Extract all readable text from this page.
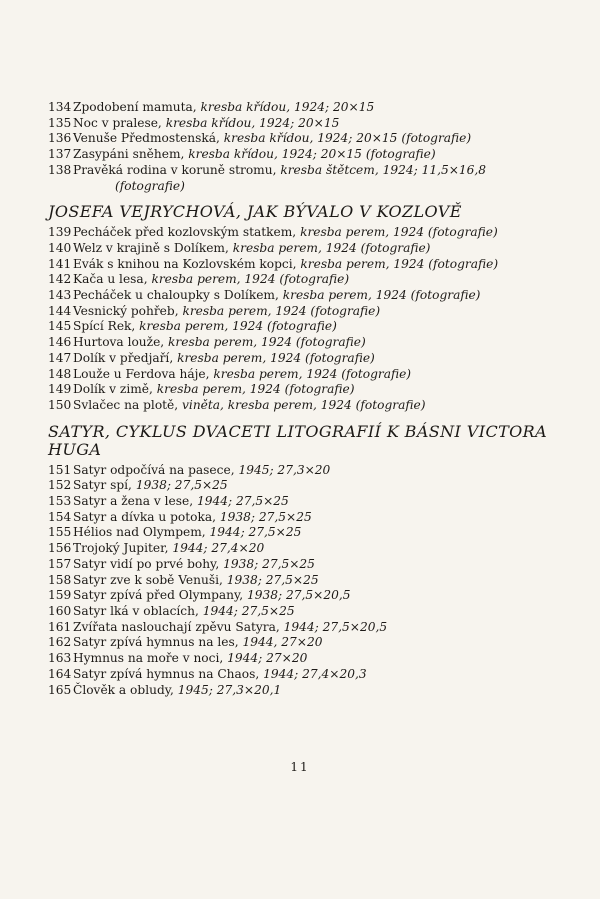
134 Zpodobení mamuta, kresba křídou, 1924; 20×15
135 Noc v pralese, kresba křídou, 1924; 20×15
136 Venuše Předmostenská, kresba křídou, 1924; 20×15 (fotografie)
137 Zasypáni sněhem, kresba křídou, 1924; 20×15 (fotografie)
138 Pravěká rodina v koruně stromu, kresba štětcem, 1924; 11,5×16,8
(fotografie)
JOSEFA VEJRYCHOVÁ, JAK BÝVALO V KOZLOVĚ
139 Pecháček před kozlovským statkem, kresba perem, 1924 (fotografie)
140 Welz v krajině s Dolíkem, kresba perem, 1924 (fotografie)
141 Evák s knihou na Kozlovském kopci, kresba perem, 1924 (fotografie)
142 Kača u lesa, kresba perem, 1924 (fotografie)
143 Pecháček u chaloupky s Dolíkem, kresba perem, 1924 (fotografie)
144 Vesnický pohřeb, kresba perem, 1924 (fotografie)
145 Spící Rek, kresba perem, 1924 (fotografie)
146 Hurtova louže, kresba perem, 1924 (fotografie)
147 Dolík v předjaří, kresba perem, 1924 (fotografie)
148 Louže u Ferdova háje, kresba perem, 1924 (fotografie)
149 Dolík v zimě, kresba perem, 1924 (fotografie)
150 Svlačec na plotě, viněta, kresba perem, 1924 (fotografie)
SATYR, CYKLUS DVACETI LITOGRAFIÍ K BÁSNI VICTORA
HUGA
151 Satyr odpočívá na pasece, 1945; 27,3×20
152 Satyr spí, 1938; 27,5×25
153 Satyr a žena v lese, 1944; 27,5×25
154 Satyr a dívka u potoka, 1938; 27,5×25
155 Hélios nad Olympem, 1944; 27,5×25
156 Trojoký Jupiter, 1944; 27,4×20
157 Satyr vidí po prvé bohy, 1938; 27,5×25
158 Satyr zve k sobě Venuši, 1938; 27,5×25
159 Satyr zpívá před Olympany, 1938; 27,5×20,5
160 Satyr lká v oblacích, 1944; 27,5×25
161 Zvířata naslouchají zpěvu Satyra, 1944; 27,5×20,5
162 Satyr zpívá hymnus na les, 1944, 27×20
163 Hymnus na moře v noci, 1944; 27×20
164 Satyr zpívá hymnus na Chaos, 1944; 27,4×20,3
165 Člověk a obludy, 1945; 27,3×20,1
11
